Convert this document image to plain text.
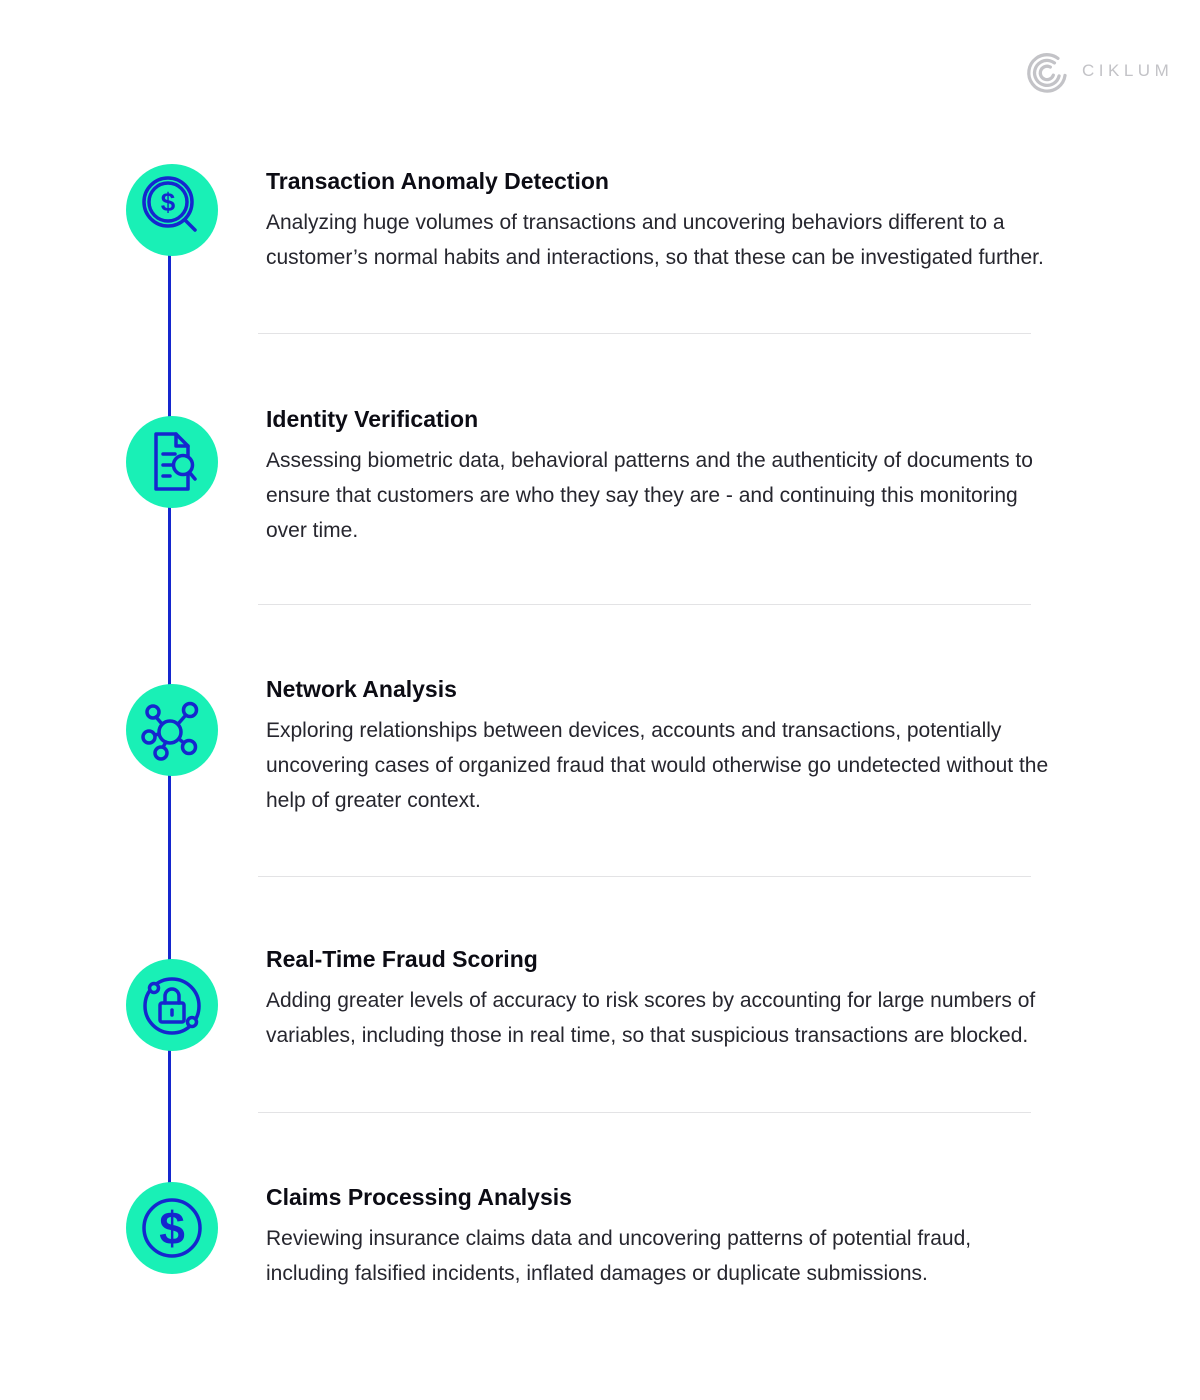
CIKLUM
$
Transaction Anomaly Detection

Analyzing huge volumes of transactions and uncovering behaviors different to a customer’s normal habits and interactions, so that these can be investigated further.

Identity Verification

Assessing biometric data, behavioral patterns and the authenticity of documents to ensure that customers are who they say they are - and continuing this monitoring over time.

Network Analysis

Exploring relationships between devices, accounts and transactions, potentially uncovering cases of organized fraud that would otherwise go undetected without the help of greater context.

Real-Time Fraud Scoring

Adding greater levels of accuracy to risk scores by accounting for large numbers of variables, including those in real time, so that suspicious transactions are blocked.

$
Claims Processing Analysis

Reviewing insurance claims data and uncovering patterns of potential fraud, including falsified incidents, inflated damages or duplicate submissions.
